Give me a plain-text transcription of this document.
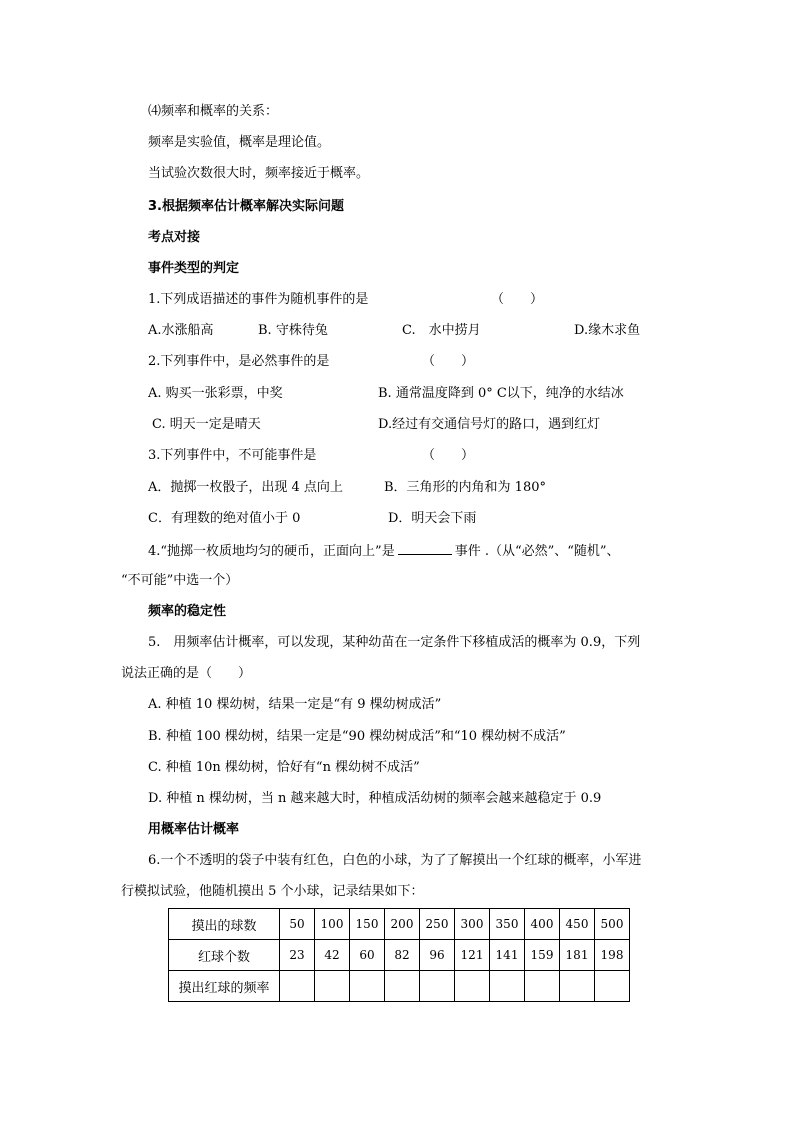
⑷频率和概率的关系：
频率是实验值，概率是理论值。
当试验次数很大时，频率接近于概率。
3.根据频率估计概率解决实际问题
考点对接
事件类型的判定
1.下列成语描述的事件为随机事件的是	（　　）
A.水涨船高	B. 守株待兔	C.　水中捞月	D.缘木求鱼
2.下列事件中，是必然事件的是	（　　）
A. 购买一张彩票，中奖	B. 通常温度降到 0° C以下，纯净的水结冰
C. 明天一定是晴天	D.经过有交通信号灯的路口，遇到红灯
3.下列事件中，不可能事件是	（　　）
A．抛掷一枚骰子，出现 4 点向上	B．三角形的内角和为 180°
C．有理数的绝对值小于 0	D．明天会下雨
4.“抛掷一枚质地均匀的硬币，正面向上”是	事件 .（从“必然”、“随机”、
“不可能”中选一个）
频率的稳定性
5.　用频率估计概率，可以发现，某种幼苗在一定条件下移植成活的概率为 0.9，下列
说法正确的是（　　）
A. 种植 10 棵幼树，结果一定是“有 9 棵幼树成活”
B. 种植 100 棵幼树，结果一定是“90 棵幼树成活”和“10 棵幼树不成活”
C. 种植 10n 棵幼树，恰好有“n 棵幼树不成活”
D. 种植 n 棵幼树，当 n 越来越大时，种植成活幼树的频率会越来越稳定于 0.9
用概率估计概率
6.一个不透明的袋子中装有红色，白色的小球，为了了解摸出一个红球的概率，小军进
行模拟试验，他随机摸出 5 个小球，记录结果如下：
摸出的球数	50	100	150	200	250	300	350	400	450	500
红球个数	23	42	60	82	96	121	141	159	181	198
摸出红球的频率										
